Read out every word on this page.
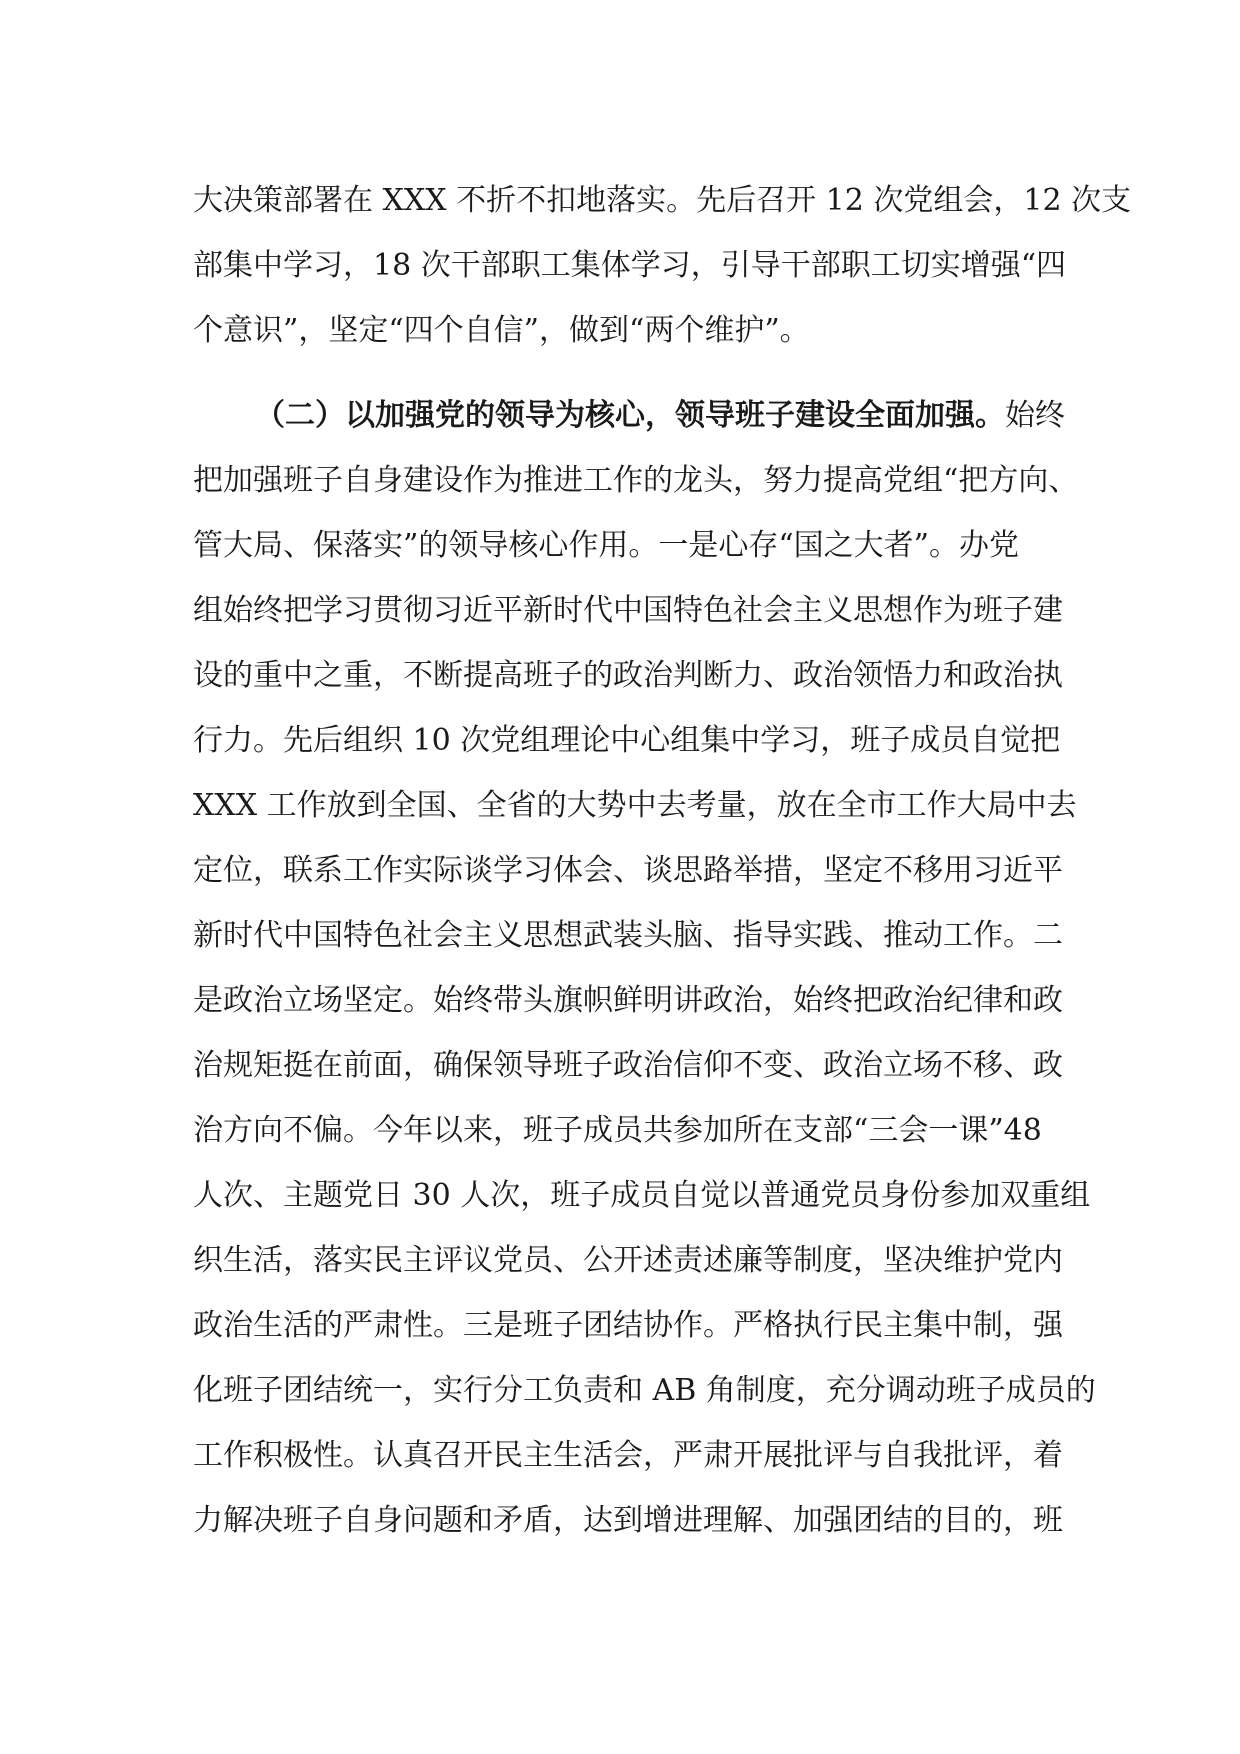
大决策部署在 XXX 不折不扣地落实。先后召开 12 次党组会，12 次支
部集中学习，18 次干部职工集体学习，引导干部职工切实增强“四
个意识”，坚定“四个自信”，做到“两个维护”。
（二）以加强党的领导为核心，领导班子建设全面加强。始终
把加强班子自身建设作为推进工作的龙头，努力提高党组“把方向、
管大局、保落实”的领导核心作用。一是心存“国之大者”。办党
组始终把学习贯彻习近平新时代中国特色社会主义思想作为班子建
设的重中之重，不断提高班子的政治判断力、政治领悟力和政治执
行力。先后组织 10 次党组理论中心组集中学习，班子成员自觉把
XXX 工作放到全国、全省的大势中去考量，放在全市工作大局中去
定位，联系工作实际谈学习体会、谈思路举措，坚定不移用习近平
新时代中国特色社会主义思想武装头脑、指导实践、推动工作。二
是政治立场坚定。始终带头旗帜鲜明讲政治，始终把政治纪律和政
治规矩挺在前面，确保领导班子政治信仰不变、政治立场不移、政
治方向不偏。今年以来，班子成员共参加所在支部“三会一课”48
人次、主题党日 30 人次，班子成员自觉以普通党员身份参加双重组
织生活，落实民主评议党员、公开述责述廉等制度，坚决维护党内
政治生活的严肃性。三是班子团结协作。严格执行民主集中制，强
化班子团结统一，实行分工负责和 AB 角制度，充分调动班子成员的
工作积极性。认真召开民主生活会，严肃开展批评与自我批评，着
力解决班子自身问题和矛盾，达到增进理解、加强团结的目的，班
